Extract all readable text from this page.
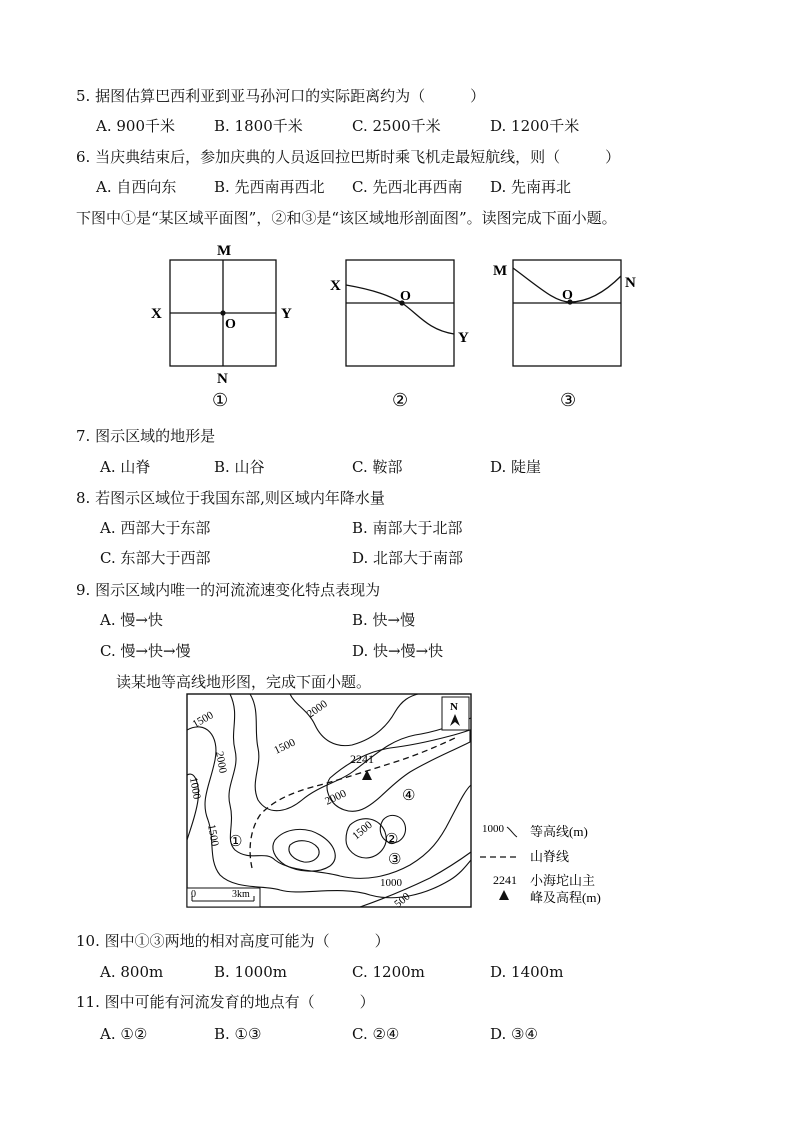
5. 据图估算巴西利亚到亚马孙河口的实际距离约为（　　　）
A. 900千米	B. 1800千米	C. 2500千米	D. 1200千米
6. 当庆典结束后，参加庆典的人员返回拉巴斯时乘飞机走最短航线，则（　　　）
A. 自西向东	B. 先西南再西北 C. 先西北再西南 D. 先南再北
下图中①是“某区域平面图”，②和③是“该区域地形剖面图”。读图完成下面小题。
M
N
X	Y
O
①
X
Y
O
②
M
N
O
③
7. 图示区域的地形是
A. 山脊	B. 山谷	C. 鞍部	D. 陡崖
8. 若图示区域位于我国东部,则区域内年降水量
A. 西部大于东部	B. 南部大于北部
C. 东部大于西部	D. 北部大于南部
9. 图示区域内唯一的河流流速变化特点表现为
A. 慢→快	B. 快→慢
C. 慢→快→慢	D. 快→慢→快
读某地等高线地形图，完成下面小题。
1500	2000
1500
1000
2000
2000
1500	1500
1000
500
2241
①	②
③
④
N
0	3km
1000 等高线(m)
山脊线
2241 小海坨山主
峰及高程(m)
10. 图中①③两地的相对高度可能为（　　　）
A. 800m	B. 1000m	C. 1200m	D. 1400m
11. 图中可能有河流发育的地点有（　　　）
A. ①②	B. ①③	C. ②④	D. ③④
